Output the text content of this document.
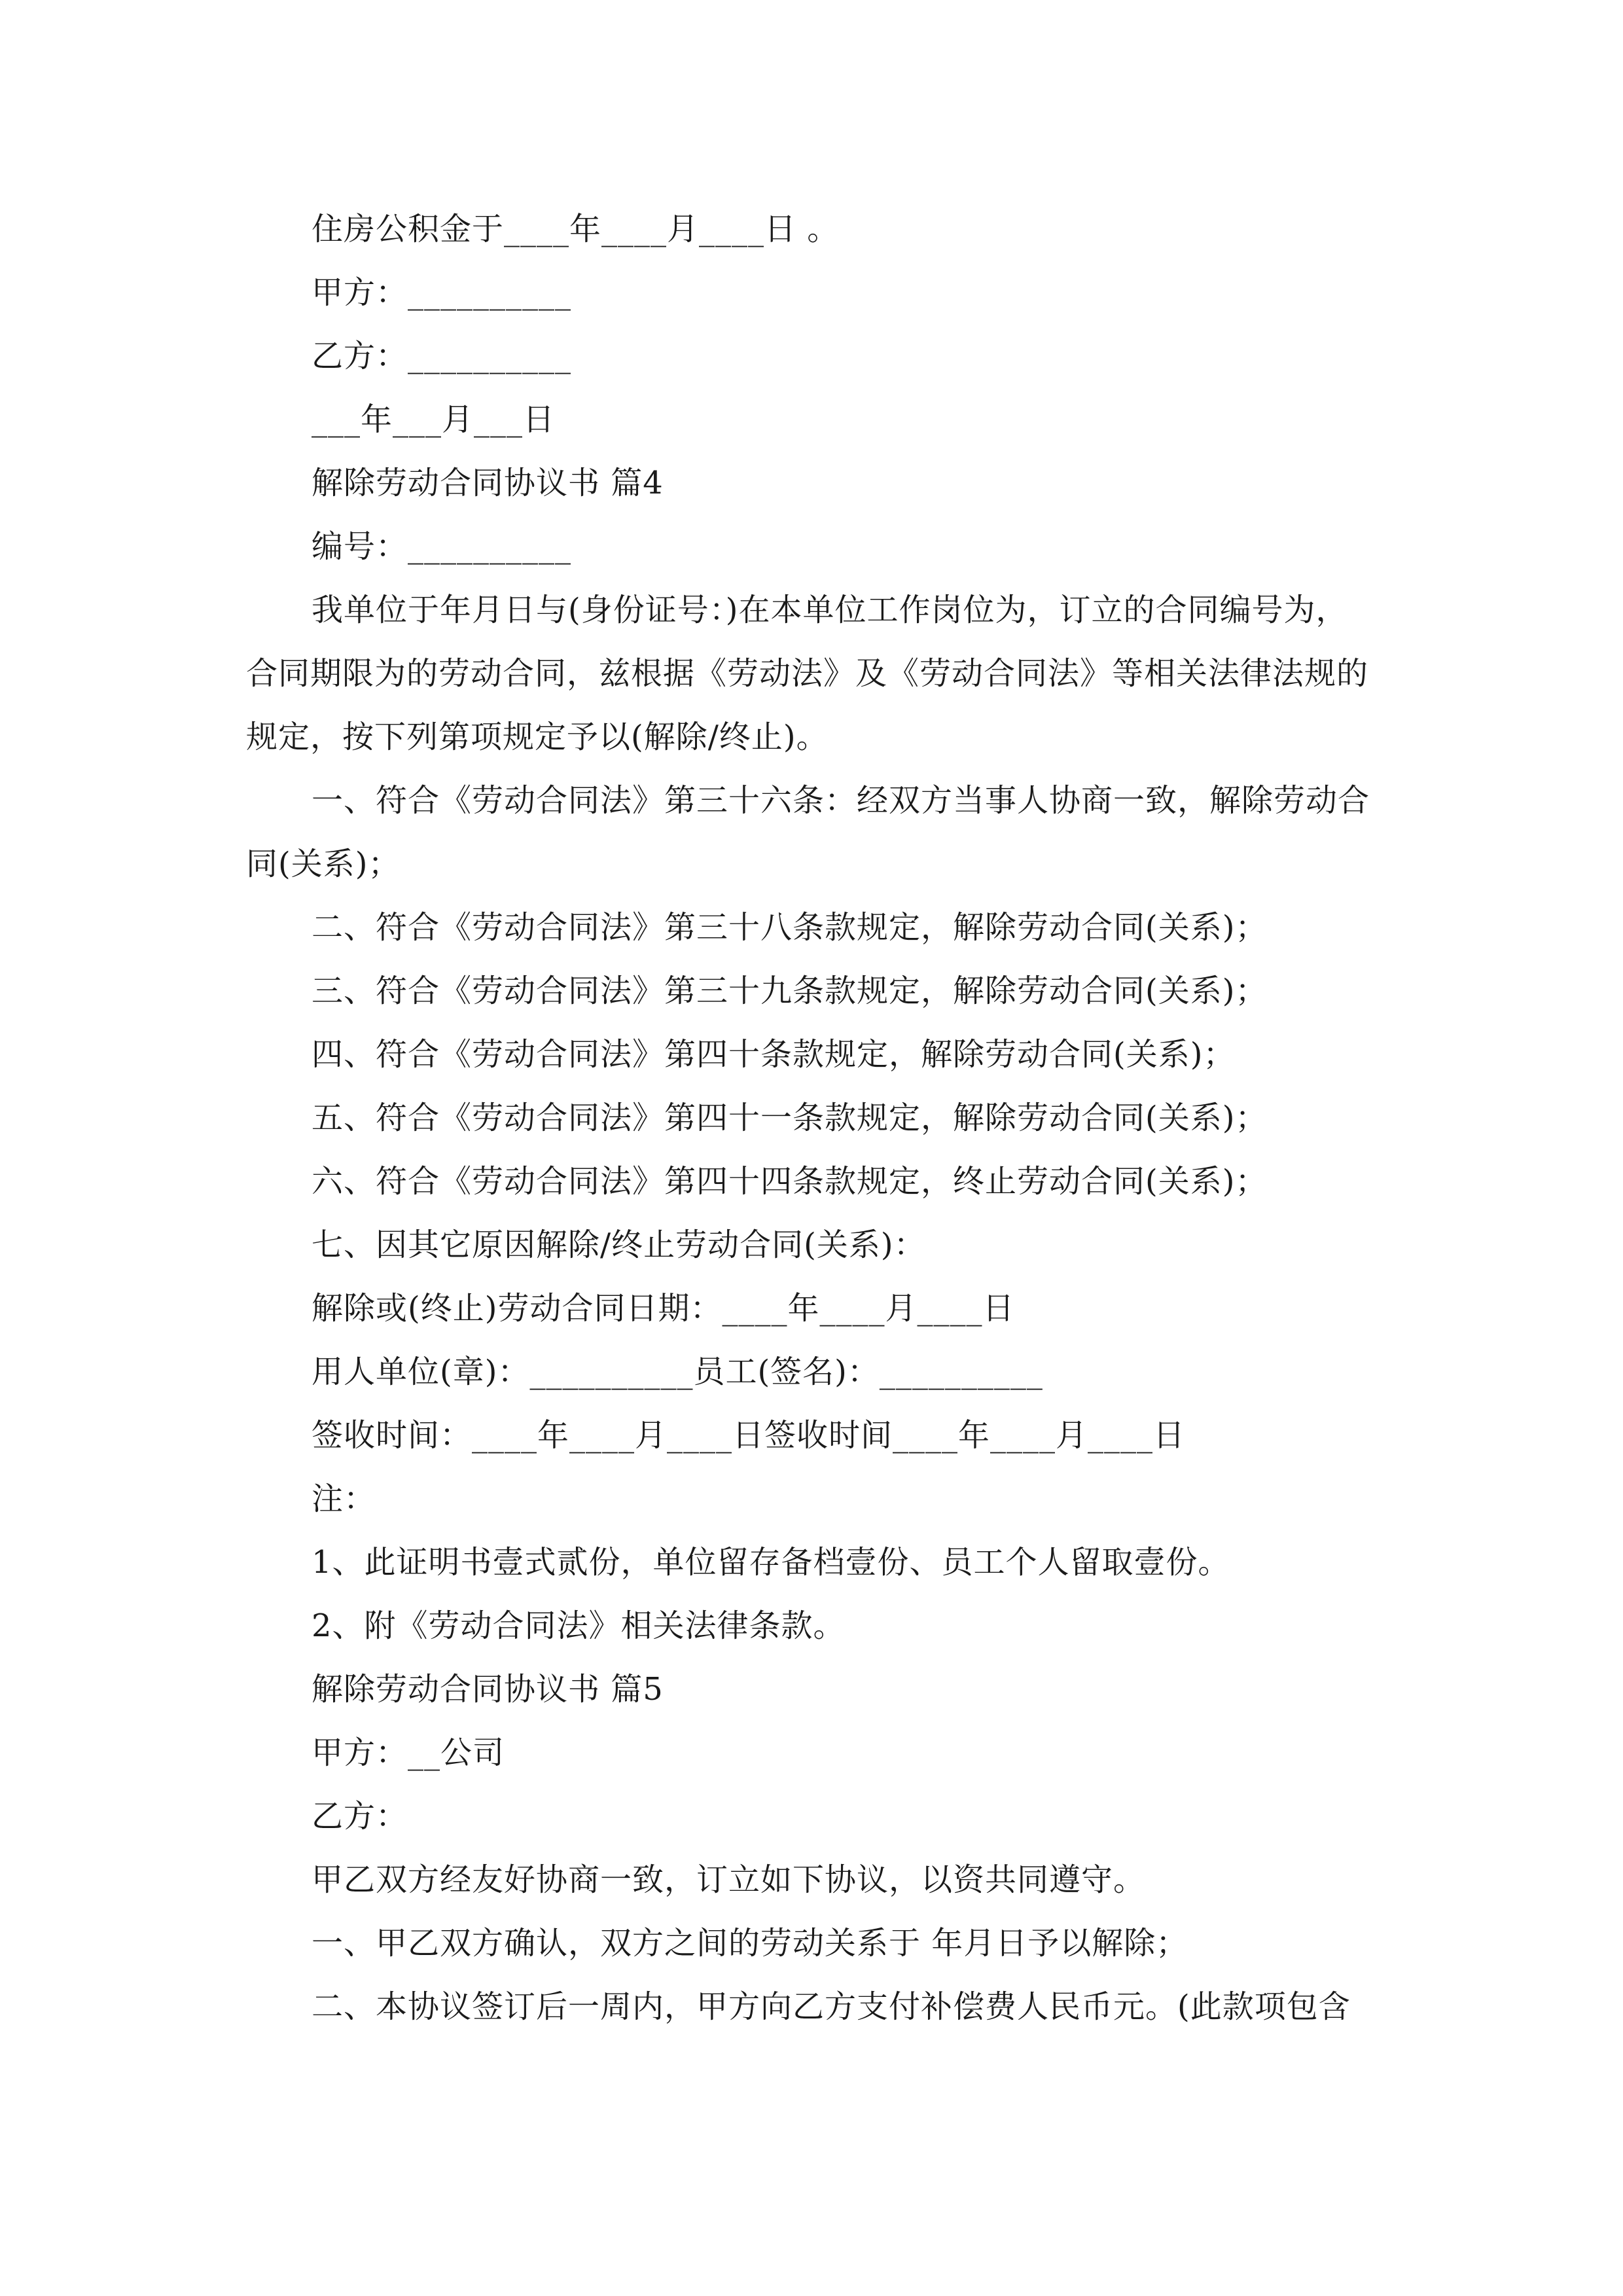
住房公积金于____年____月____日 。
甲方：__________
乙方：__________
___年___月___日
解除劳动合同协议书 篇4
编号：__________
我单位于年月日与(身份证号：)在本单位工作岗位为，订立的合同编号为，
合同期限为的劳动合同，兹根据《劳动法》及《劳动合同法》等相关法律法规的
规定，按下列第项规定予以(解除/终止)。
一、符合《劳动合同法》第三十六条：经双方当事人协商一致，解除劳动合
同(关系)；
二、符合《劳动合同法》第三十八条款规定，解除劳动合同(关系)；
三、符合《劳动合同法》第三十九条款规定，解除劳动合同(关系)；
四、符合《劳动合同法》第四十条款规定，解除劳动合同(关系)；
五、符合《劳动合同法》第四十一条款规定，解除劳动合同(关系)；
六、符合《劳动合同法》第四十四条款规定，终止劳动合同(关系)；
七、因其它原因解除/终止劳动合同(关系)：
解除或(终止)劳动合同日期：____年____月____日
用人单位(章)：__________员工(签名)：__________
签收时间：____年____月____日签收时间____年____月____日
注：
1、此证明书壹式贰份，单位留存备档壹份、员工个人留取壹份。
2、附《劳动合同法》相关法律条款。
解除劳动合同协议书 篇5
甲方：__公司
乙方：
甲乙双方经友好协商一致，订立如下协议，以资共同遵守。
一、甲乙双方确认，双方之间的劳动关系于 年月日予以解除；
二、本协议签订后一周内，甲方向乙方支付补偿费人民币元。(此款项包含
